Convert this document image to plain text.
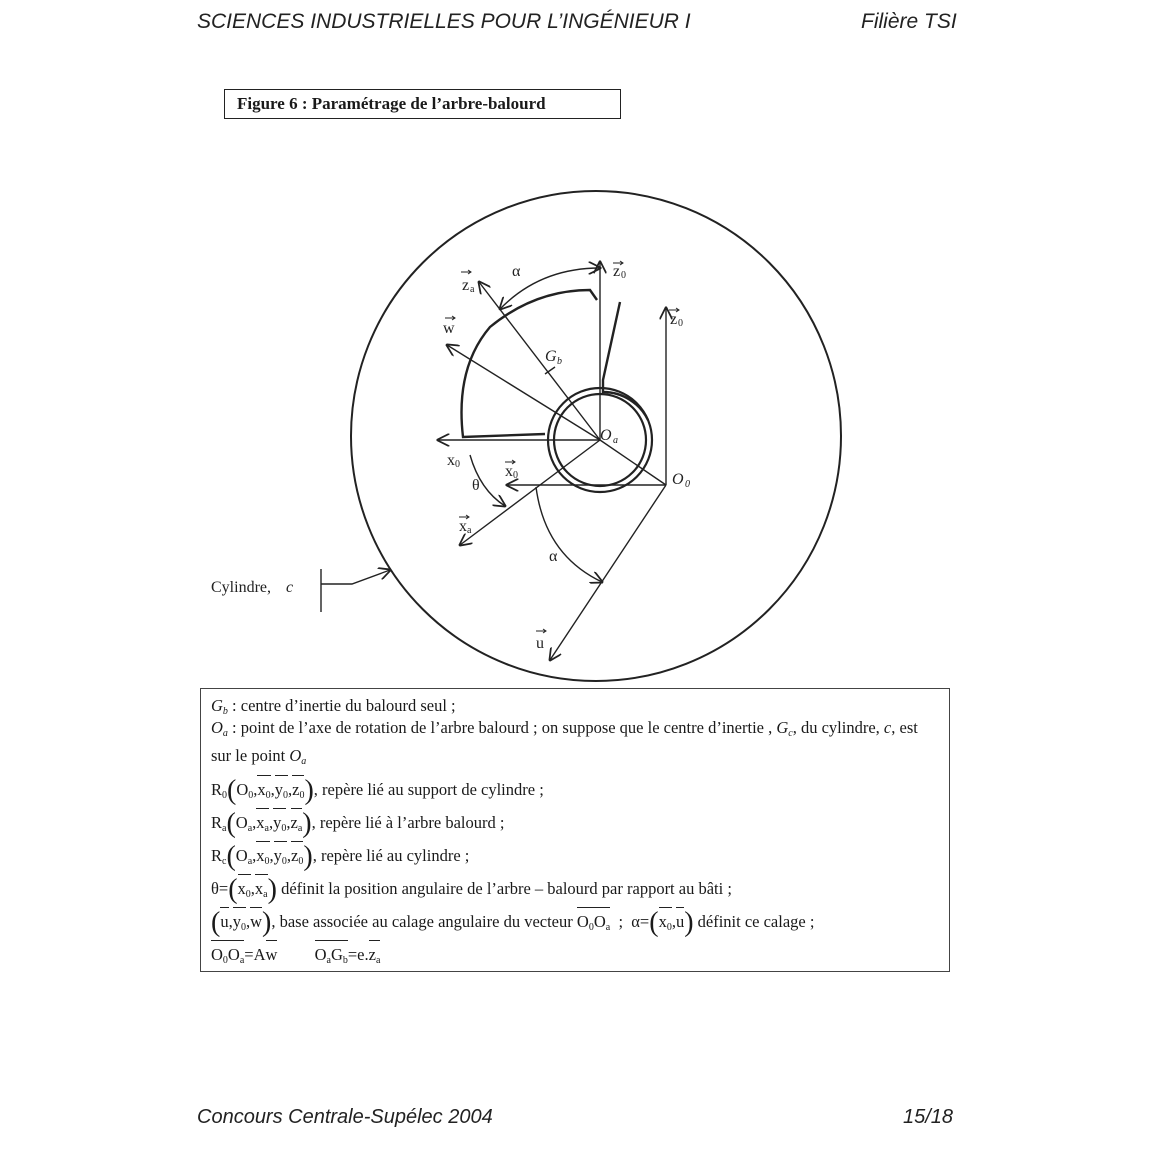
SCIENCES INDUSTRIELLES POUR L’INGÉNIEUR I	Filière TSI
Figure 6 : Paramétrage de l’arbre-balourd
α	z 0
z 0
z a
w
G b
O a
O 0
x 0	x 0
θ
x a
α
u
Cylindre, c
$G_b$ : centre d’inertie du balourd seul ;
$O_a$ : point de l’axe de rotation de l’arbre balourd ; on suppose que le centre d’inertie , $G_c$, du cylindre, c, est sur le point $O_a$
$R_0(O_0,x_0,y_0,z_0)$, repère lié au support de cylindre ;
$R_a(O_a,x_a,y_0,z_a)$, repère lié à l’arbre balourd ;
$R_c(O_a,x_0,y_0,z_0)$, repère lié au cylindre ;
$\theta=(x_0,x_a)$ définit la position angulaire de l’arbre – balourd par rapport au bâti ;
$(u,y_0,w)$, base associée au calage angulaire du vecteur $O_0O_a$  ;  $\alpha=(x_0,u)$ définit ce calage ;
$O_0O_a=Aw$ $O_aG_b=e.z_a$
Concours Centrale-Supélec 2004	15/18
